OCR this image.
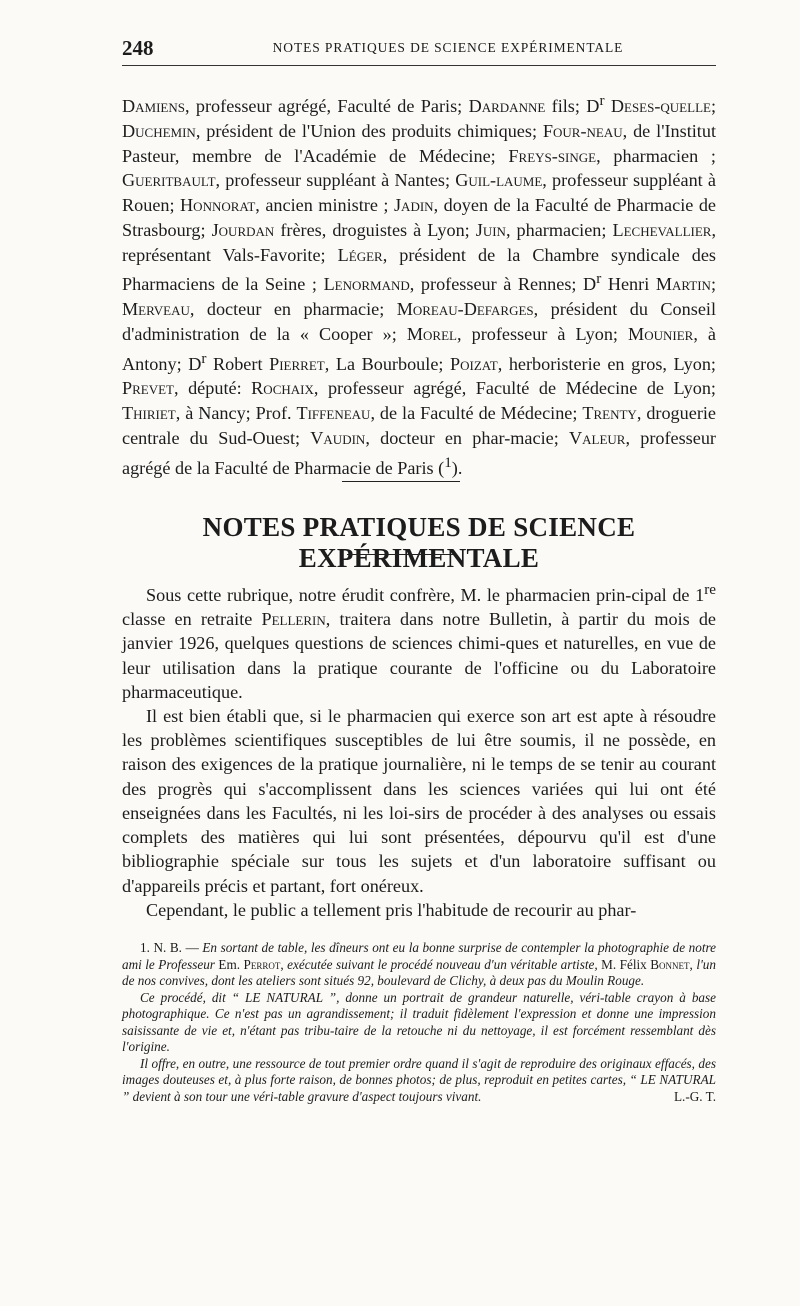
248	NOTES PRATIQUES DE SCIENCE EXPÉRIMENTALE

Damiens, professeur agrégé, Faculté de Paris; Dardanne fils; $D^r$ Deses-quelle; Duchemin, président de l'Union des produits chimiques; Four-neau, de l'Institut Pasteur, membre de l'Académie de Médecine; Freys-singe, pharmacien ; Gueritbault, professeur suppléant à Nantes; Guil-laume, professeur suppléant à Rouen; Honnorat, ancien ministre ; Jadin, doyen de la Faculté de Pharmacie de Strasbourg; Jourdan frères, droguistes à Lyon; Juin, pharmacien; Lechevallier, représentant Vals-Favorite; Léger, président de la Chambre syndicale des Pharmaciens de la Seine ; Lenormand, professeur à Rennes; $D^r$ Henri Martin; Merveau, docteur en pharmacie; Moreau-Defarges, président du Conseil d'administration de la « Cooper »; Morel, professeur à Lyon; Mounier, à Antony; $D^r$ Robert Pierret, La Bourboule; Poizat, herboristerie en gros, Lyon; Prevet, député: Rochaix, professeur agrégé, Faculté de Médecine de Lyon; Thiriet, à Nancy; Prof. Tiffeneau, de la Faculté de Médecine; Trenty, droguerie centrale du Sud-Ouest; Vaudin, docteur en phar-macie; Valeur, professeur agrégé de la Faculté de Pharmacie de Paris ($^1$).

NOTES PRATIQUES DE SCIENCE EXPÉRIMENTALE

Sous cette rubrique, notre érudit confrère, M. le pharmacien prin-cipal de 1re classe en retraite Pellerin, traitera dans notre Bulletin, à partir du mois de janvier 1926, quelques questions de sciences chimi-ques et naturelles, en vue de leur utilisation dans la pratique courante de l'officine ou du Laboratoire pharmaceutique.

Il est bien établi que, si le pharmacien qui exerce son art est apte à résoudre les problèmes scientifiques susceptibles de lui être soumis, il ne possède, en raison des exigences de la pratique journalière, ni le temps de se tenir au courant des progrès qui s'accomplissent dans les sciences variées qui lui ont été enseignées dans les Facultés, ni les loi-sirs de procéder à des analyses ou essais complets des matières qui lui sont présentées, dépourvu qu'il est d'une bibliographie spéciale sur tous les sujets et d'un laboratoire suffisant ou d'appareils précis et partant, fort onéreux.

Cependant, le public a tellement pris l'habitude de recourir au phar-

1. N. B. — En sortant de table, les dîneurs ont eu la bonne surprise de contempler la photographie de notre ami le Professeur Em. Perrot, exécutée suivant le procédé nouveau d'un véritable artiste, M. Félix Bonnet, l'un de nos convives, dont les ateliers sont situés 92, boulevard de Clichy, à deux pas du Moulin Rouge.

Ce procédé, dit “ LE NATURAL ”, donne un portrait de grandeur naturelle, véri-table crayon à base photographique. Ce n'est pas un agrandissement; il traduit fidèlement l'expression et donne une impression saisissante de vie et, n'étant pas tribu-taire de la retouche ni du nettoyage, il est forcément ressemblant dès l'origine.

Il offre, en outre, une ressource de tout premier ordre quand il s'agit de reproduire des originaux effacés, des images douteuses et, à plus forte raison, de bonnes photos; de plus, reproduit en petites cartes, “ LE NATURAL ” devient à son tour une véri-table gravure d'aspect toujours vivant.	L.-G. T.
